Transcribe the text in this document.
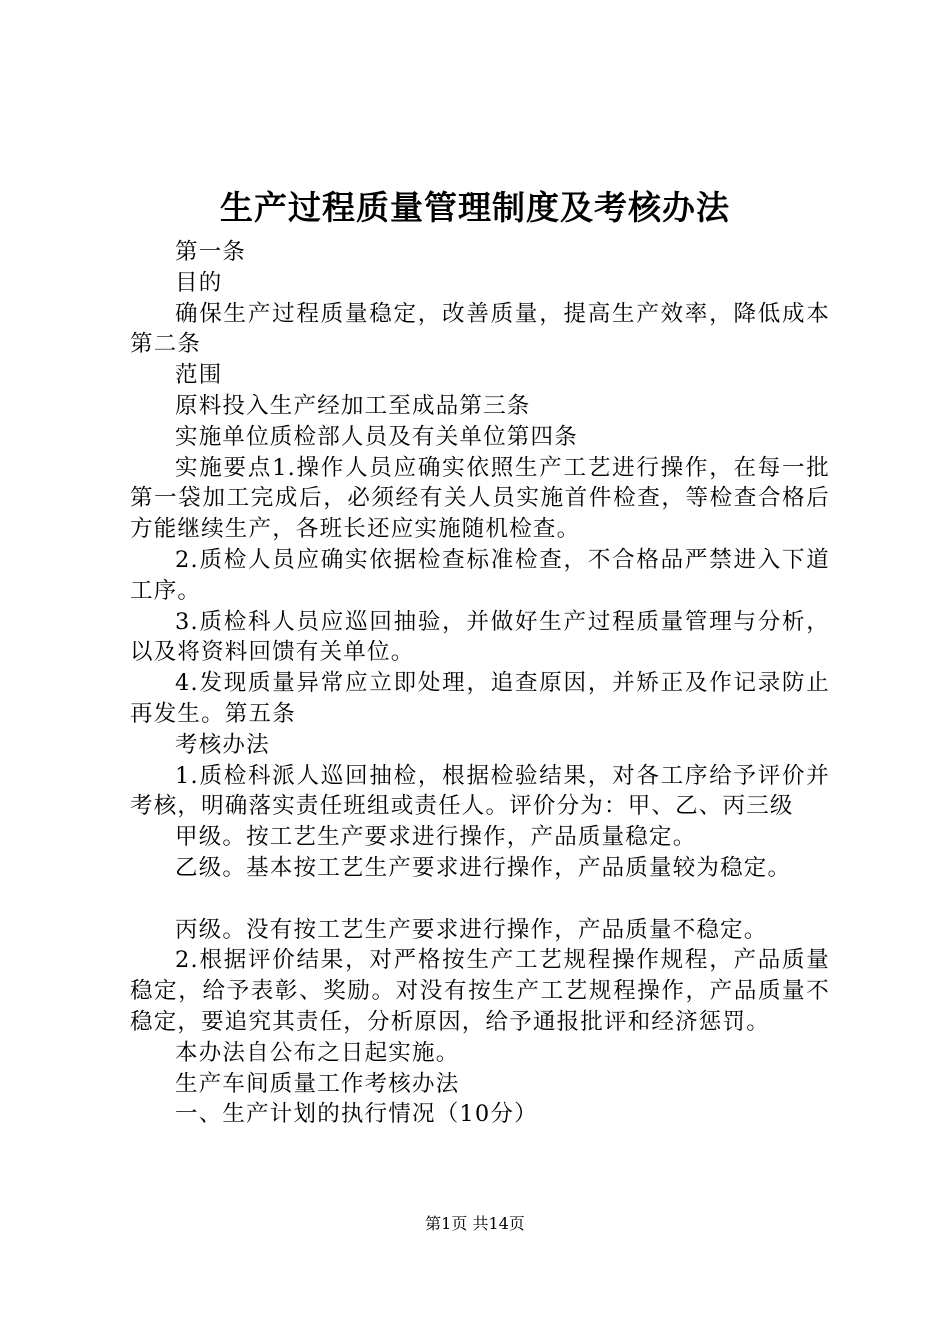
生产过程质量管理制度及考核办法

第一条

目的

确保生产过程质量稳定，改善质量，提高生产效率，降低成本第二条

范围

原料投入生产经加工至成品第三条

实施单位质检部人员及有关单位第四条

实施要点1.操作人员应确实依照生产工艺进行操作，在每一批第一袋加工完成后，必须经有关人员实施首件检查，等检查合格后方能继续生产，各班长还应实施随机检查。

2.质检人员应确实依据检查标准检查，不合格品严禁进入下道工序。

3.质检科人员应巡回抽验，并做好生产过程质量管理与分析，以及将资料回馈有关单位。

4.发现质量异常应立即处理，追查原因，并矫正及作记录防止再发生。第五条

考核办法

1.质检科派人巡回抽检，根据检验结果，对各工序给予评价并考核，明确落实责任班组或责任人。评价分为：甲、乙、丙三级

甲级。按工艺生产要求进行操作，产品质量稳定。

乙级。基本按工艺生产要求进行操作，产品质量较为稳定。

丙级。没有按工艺生产要求进行操作，产品质量不稳定。

2.根据评价结果，对严格按生产工艺规程操作规程，产品质量稳定，给予表彰、奖励。对没有按生产工艺规程操作，产品质量不稳定，要追究其责任，分析原因，给予通报批评和经济惩罚。

本办法自公布之日起实施。

生产车间质量工作考核办法

一、生产计划的执行情况（10分）

第1页 共14页
